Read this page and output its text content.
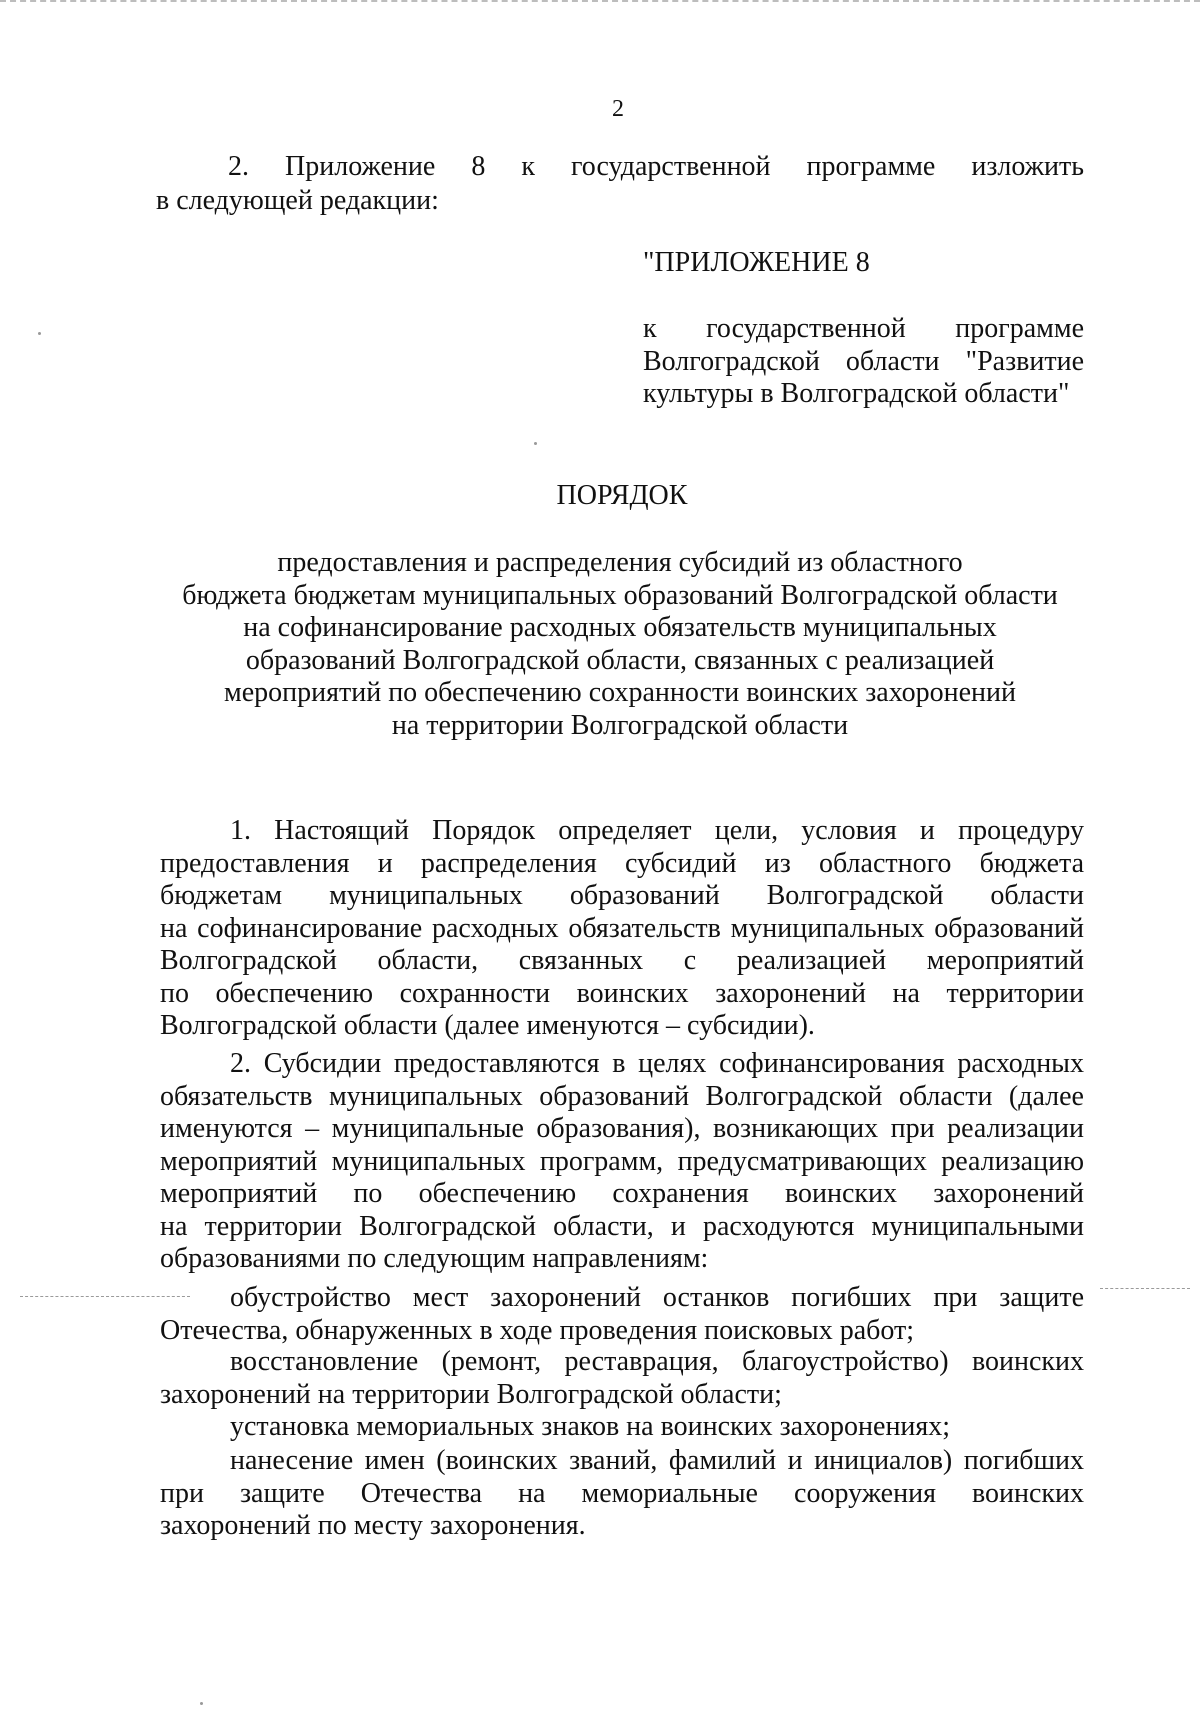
2
2. Приложение 8 к государственной программе изложить
в следующей редакции:
"ПРИЛОЖЕНИЕ 8
к государственной программе
Волгоградской области "Развитие
культуры в Волгоградской области"
ПОРЯДОК
предоставления и распределения субсидий из областного
бюджета бюджетам муниципальных образований Волгоградской области
на софинансирование расходных обязательств муниципальных
образований Волгоградской области, связанных с реализацией
мероприятий по обеспечению сохранности воинских захоронений
на территории Волгоградской области
1. Настоящий Порядок определяет цели, условия и процедуру
предоставления и распределения субсидий из областного бюджета
бюджетам муниципальных образований Волгоградской области
на софинансирование расходных обязательств муниципальных образований
Волгоградской области, связанных с реализацией мероприятий
по обеспечению сохранности воинских захоронений на территории
Волгоградской области (далее именуются – субсидии).
2. Субсидии предоставляются в целях софинансирования расходных
обязательств муниципальных образований Волгоградской области (далее
именуются – муниципальные образования), возникающих при реализации
мероприятий муниципальных программ, предусматривающих реализацию
мероприятий по обеспечению сохранения воинских захоронений
на территории Волгоградской области, и расходуются муниципальными
образованиями по следующим направлениям:
обустройство мест захоронений останков погибших при защите
Отечества, обнаруженных в ходе проведения поисковых работ;
восстановление (ремонт, реставрация, благоустройство) воинских
захоронений на территории Волгоградской области;
установка мемориальных знаков на воинских захоронениях;
нанесение имен (воинских званий, фамилий и инициалов) погибших
при защите Отечества на мемориальные сооружения воинских
захоронений по месту захоронения.
